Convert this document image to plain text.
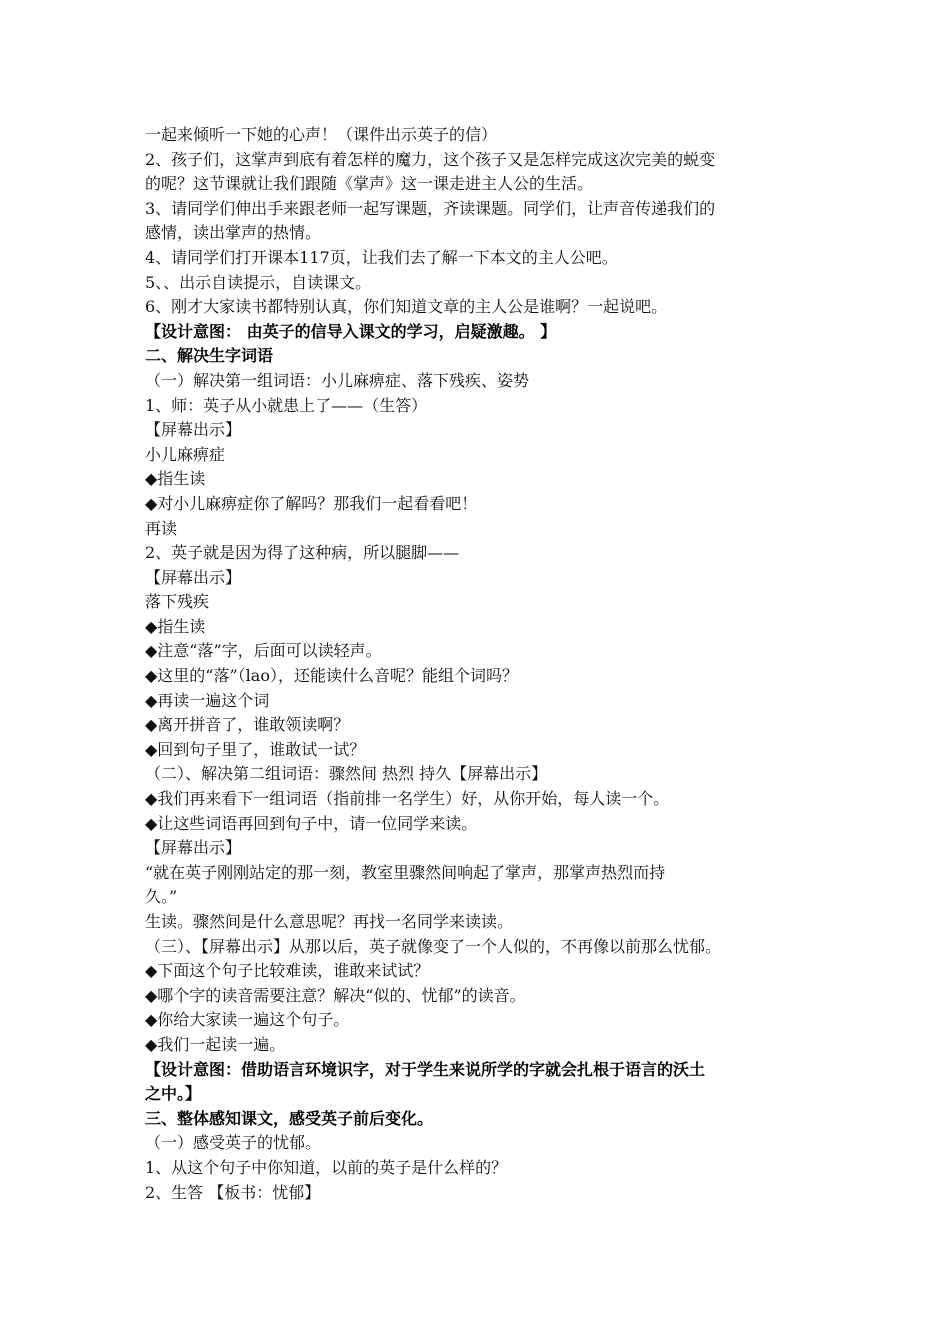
一起来倾听一下她的心声！（课件出示英子的信）

2、孩子们，这掌声到底有着怎样的魔力，这个孩子又是怎样完成这次完美的蜕变

的呢？这节课就让我们跟随《掌声》这一课走进主人公的生活。

3、请同学们伸出手来跟老师一起写课题，齐读课题。同学们，让声音传递我们的

感情，读出掌声的热情。

4、请同学们打开课本117页，让我们去了解一下本文的主人公吧。

5、、出示自读提示，自读课文。

6、刚才大家读书都特别认真，你们知道文章的主人公是谁啊？一起说吧。

【设计意图： 由英子的信导入课文的学习，启疑激趣。 】

二、解决生字词语

（一）解决第一组词语：小儿麻痹症、落下残疾、姿势

1、师：英子从小就患上了——（生答）

【屏幕出示】

小儿麻痹症

◆指生读

◆对小儿麻痹症你了解吗？那我们一起看看吧！

再读

2、英子就是因为得了这种病，所以腿脚——

【屏幕出示】

落下残疾

◆指生读

◆注意“落”字，后面可以读轻声。

◆这里的“落”（lao），还能读什么音呢？能组个词吗？

◆再读一遍这个词

◆离开拼音了，谁敢领读啊？

◆回到句子里了，谁敢试一试？

（二）、解决第二组词语：骤然间 热烈 持久【屏幕出示】

◆我们再来看下一组词语（指前排一名学生）好，从你开始，每人读一个。

◆让这些词语再回到句子中，请一位同学来读。

【屏幕出示】

“就在英子刚刚站定的那一刻，教室里骤然间响起了掌声，那掌声热烈而持

久。”

生读。骤然间是什么意思呢？再找一名同学来读读。

（三）、【屏幕出示】从那以后，英子就像变了一个人似的，不再像以前那么忧郁。

◆下面这个句子比较难读，谁敢来试试？

◆哪个字的读音需要注意？解决“似的、忧郁”的读音。

◆你给大家读一遍这个句子。

◆我们一起读一遍。

【设计意图：借助语言环境识字，对于学生来说所学的字就会扎根于语言的沃土

之中。】

三、整体感知课文，感受英子前后变化。

（一）感受英子的忧郁。

1、从这个句子中你知道，以前的英子是什么样的？

2、生答 【板书：忧郁】
